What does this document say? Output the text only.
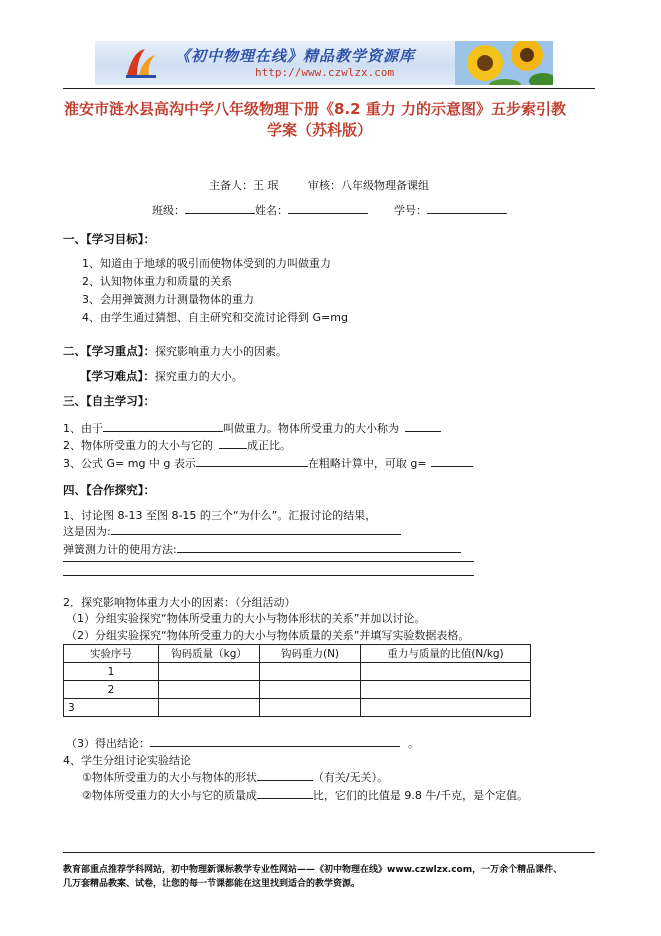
《初中物理在线》精品教学资源库
http://www.czwlzx.com
淮安市涟水县高沟中学八年级物理下册《8.2 重力 力的示意图》五步索引教
学案（苏科版）
主备人：王 珉	审核：八年级物理备课组
班级：	姓名：	学号：
一、【学习目标】：
1、知道由于地球的吸引而使物体受到的力叫做重力
2、认知物体重力和质量的关系
3、会用弹簧测力计测量物体的重力
4、由学生通过猜想、自主研究和交流讨论得到 G=mg
二、【学习重点】：探究影响重力大小的因素。
【学习难点】：探究重力的大小。
三、【自主学习】：
1、由于	叫做重力。物体所受重力的大小称为
2、物体所受重力的大小与它的	成正比。
3、公式 G= mg 中 g 表示	在粗略计算中，可取 g=
四、【合作探究】：
1、讨论图 8-13 至图 8-15 的三个“为什么”。汇报讨论的结果，
这是因为:
弹簧测力计的使用方法:
2．探究影响物体重力大小的因素：（分组活动）
（1）分组实验探究“物体所受重力的大小与物体形状的关系”并加以讨论。
（2）分组实验探究“物体所受重力的大小与物体质量的关系”并填写实验数据表格。
实验序号	钩码质量（kg）	钩码重力(N)	重力与质量的比值(N/kg)
1			
2			
3			
（3）得出结论：	。
4、学生分组讨论实验结论
①物体所受重力的大小与物体的形状	（有关/无关）。
②物体所受重力的大小与它的质量成	比，它们的比值是 9.8 牛/千克，是个定值。
教育部重点推荐学科网站，初中物理新课标教学专业性网站——《初中物理在线》www.czwlzx.com，一万余个精品课件、
几万套精品教案、试卷，让您的每一节课都能在这里找到适合的教学资源。
